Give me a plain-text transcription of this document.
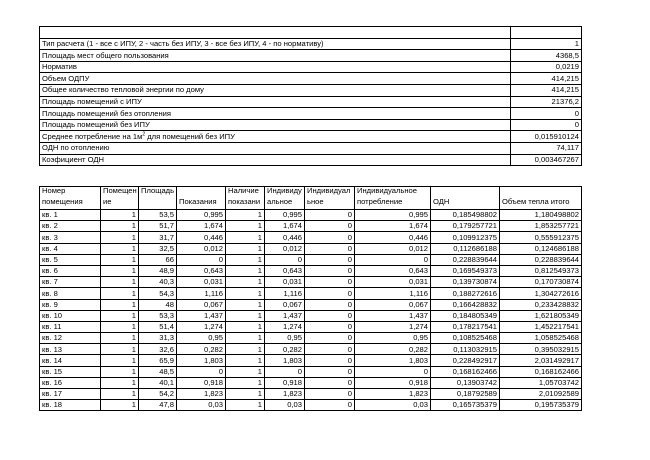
Тип расчета (1 - все с ИПУ, 2 - часть без ИПУ, 3 - все без ИПУ, 4 - по нормативу)	1
Площадь мест общего пользования	4368,5
Норматив	0,0219
Объем ОДПУ	414,215
Общее количество тепловой энергии по дому	414,215
Площадь помещений с ИПУ	21376,2
Площадь помещений без отопления	0
Площадь помещений без ИПУ	0
Среднее потребление на $1м^2$ для помещений без ИПУ	0,015910124
ОДН по отоплению	74,117
Коэфициент ОДН	0,003467267
Номер	Помещен	Площадь		Наличие	Индивиду	Индивидуал	Индивидуальное		
помещения	ие		Показания	показани	альное	ьное	потребление	ОДН	Объем тепла итого
кв. 1	1	53,5	0,995	1	0,995	0	0,995	0,185498802	1,180498802
кв. 2	1	51,7	1,674	1	1,674	0	1,674	0,179257721	1,853257721
кв. 3	1	31,7	0,446	1	0,446	0	0,446	0,109912375	0,555912375
кв. 4	1	32,5	0,012	1	0,012	0	0,012	0,112686188	0,124686188
кв. 5	1	66	0	1	0	0	0	0,228839644	0,228839644
кв. 6	1	48,9	0,643	1	0,643	0	0,643	0,169549373	0,812549373
кв. 7	1	40,3	0,031	1	0,031	0	0,031	0,139730874	0,170730874
кв. 8	1	54,3	1,116	1	1,116	0	1,116	0,188272616	1,304272616
кв. 9	1	48	0,067	1	0,067	0	0,067	0,166428832	0,233428832
кв. 10	1	53,3	1,437	1	1,437	0	1,437	0,184805349	1,621805349
кв. 11	1	51,4	1,274	1	1,274	0	1,274	0,178217541	1,452217541
кв. 12	1	31,3	0,95	1	0,95	0	0,95	0,108525468	1,058525468
кв. 13	1	32,6	0,282	1	0,282	0	0,282	0,113032915	0,395032915
кв. 14	1	65,9	1,803	1	1,803	0	1,803	0,228492917	2,031492917
кв. 15	1	48,5	0	1	0	0	0	0,168162466	0,168162466
кв. 16	1	40,1	0,918	1	0,918	0	0,918	0,13903742	1,05703742
кв. 17	1	54,2	1,823	1	1,823	0	1,823	0,18792589	2,01092589
кв. 18	1	47,8	0,03	1	0,03	0	0,03	0,165735379	0,195735379
